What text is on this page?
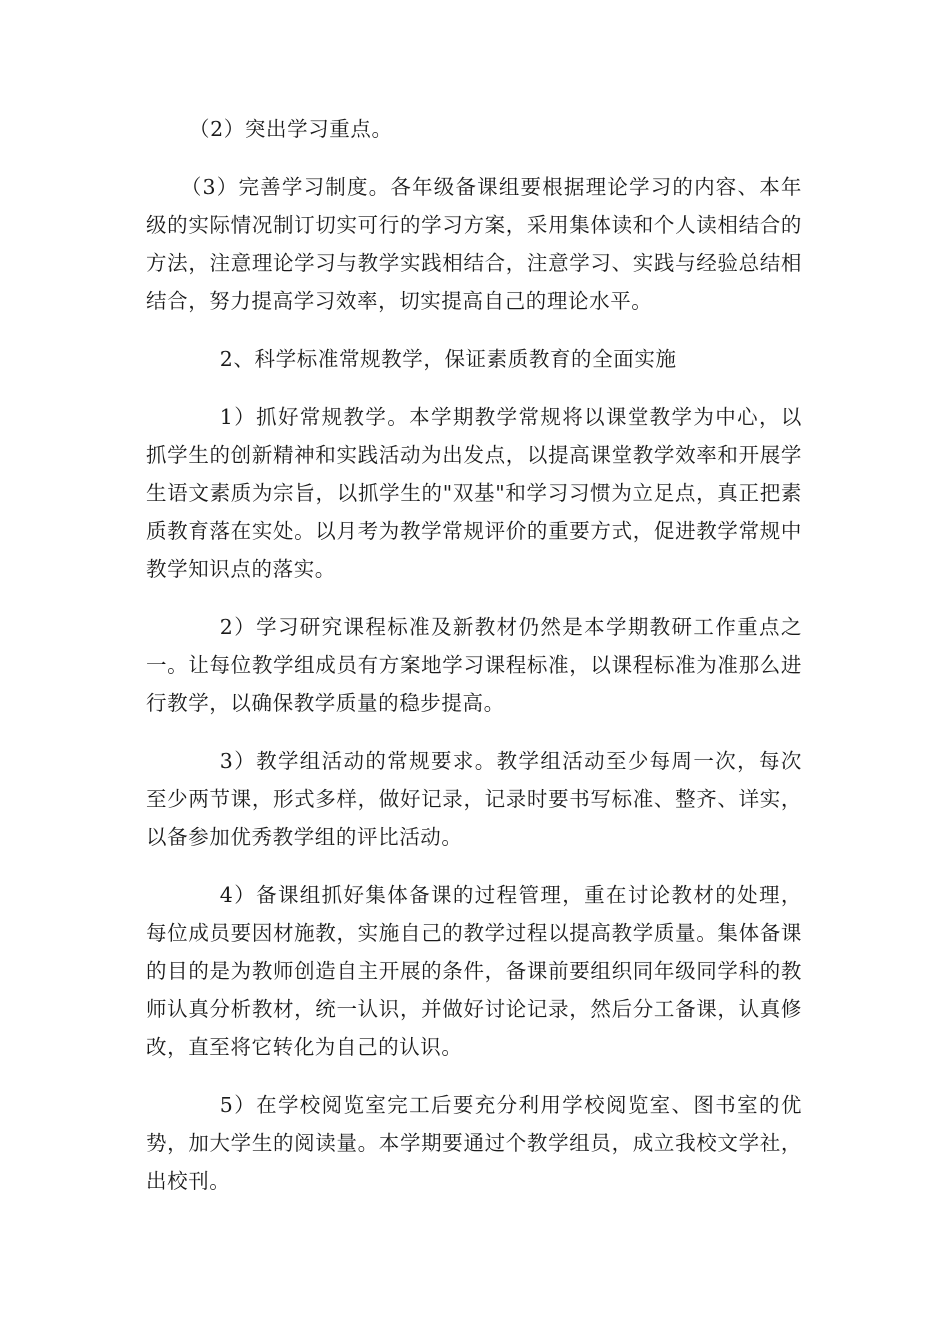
（2）突出学习重点。

（3）完善学习制度。各年级备课组要根据理论学习的内容、本年级的实际情况制订切实可行的学习方案，采用集体读和个人读相结合的方法，注意理论学习与教学实践相结合，注意学习、实践与经验总结相结合，努力提高学习效率，切实提高自己的理论水平。

2、科学标准常规教学，保证素质教育的全面实施

1）抓好常规教学。本学期教学常规将以课堂教学为中心，以抓学生的创新精神和实践活动为出发点，以提高课堂教学效率和开展学生语文素质为宗旨，以抓学生的"双基"和学习习惯为立足点，真正把素质教育落在实处。以月考为教学常规评价的重要方式，促进教学常规中教学知识点的落实。

2）学习研究课程标准及新教材仍然是本学期教研工作重点之一。让每位教学组成员有方案地学习课程标准，以课程标准为准那么进行教学，以确保教学质量的稳步提高。

3）教学组活动的常规要求。教学组活动至少每周一次，每次至少两节课，形式多样，做好记录，记录时要书写标准、整齐、详实，以备参加优秀教学组的评比活动。

4）备课组抓好集体备课的过程管理，重在讨论教材的处理，每位成员要因材施教，实施自己的教学过程以提高教学质量。集体备课的目的是为教师创造自主开展的条件，备课前要组织同年级同学科的教师认真分析教材，统一认识，并做好讨论记录，然后分工备课，认真修改，直至将它转化为自己的认识。

5）在学校阅览室完工后要充分利用学校阅览室、图书室的优势，加大学生的阅读量。本学期要通过个教学组员，成立我校文学社，出校刊。
